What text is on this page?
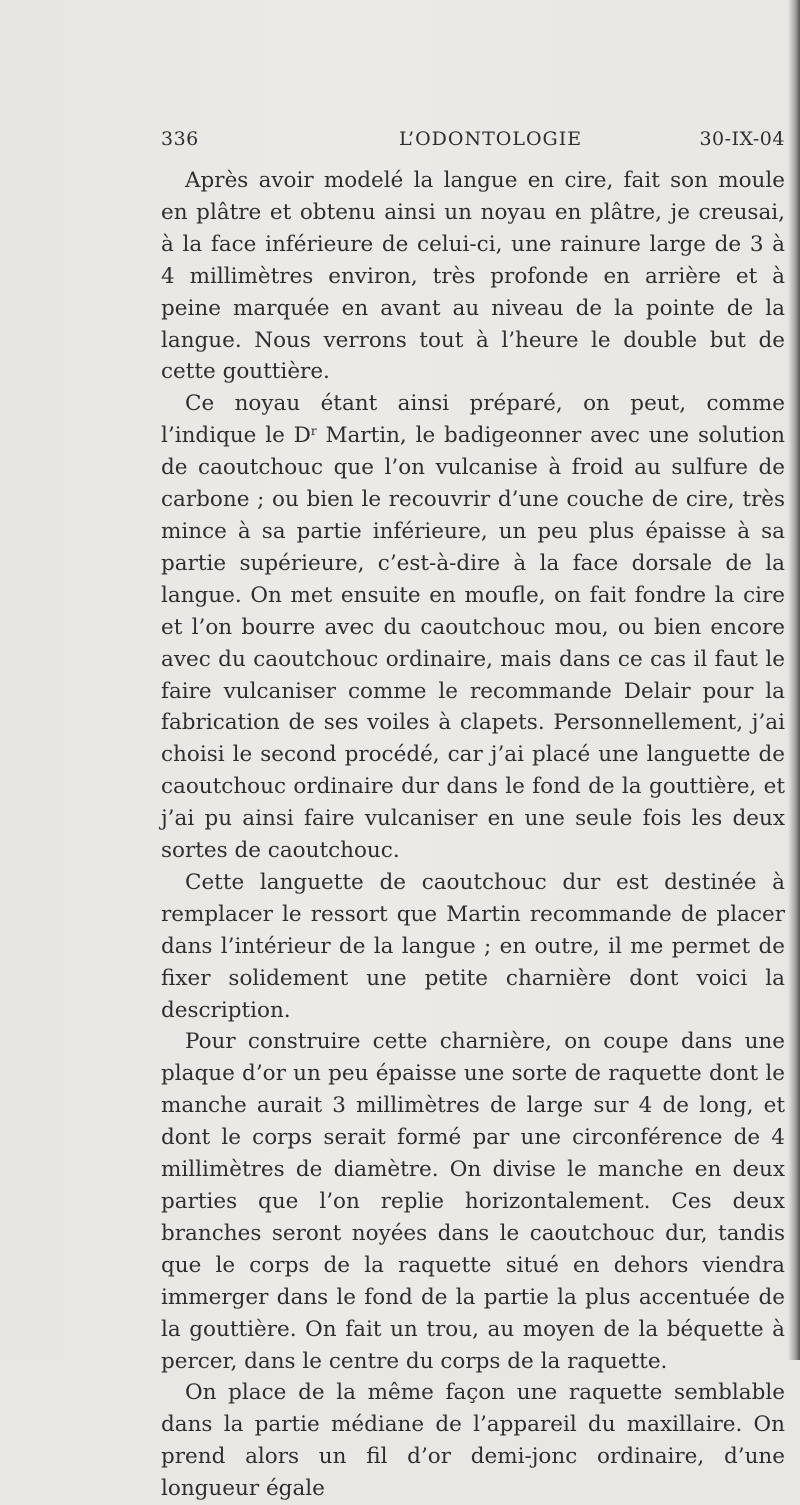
336	L’ODONTOLOGIE	30-IX-04

Après avoir modelé la langue en cire, fait son moule en plâtre et obtenu ainsi un noyau en plâtre, je creusai, à la face inférieure de celui-ci, une rainure large de 3 à 4 millimètres environ, très profonde en arrière et à peine marquée en avant au niveau de la pointe de la langue. Nous verrons tout à l’heure le double but de cette gouttière.

Ce noyau étant ainsi préparé, on peut, comme l’indique le $D^r$ Martin, le badigeonner avec une solution de caoutchouc que l’on vulcanise à froid au sulfure de carbone ; ou bien le recouvrir d’une couche de cire, très mince à sa partie inférieure, un peu plus épaisse à sa partie supérieure, c’est-à-dire à la face dorsale de la langue. On met ensuite en moufle, on fait fondre la cire et l’on bourre avec du caoutchouc mou, ou bien encore avec du caoutchouc ordinaire, mais dans ce cas il faut le faire vulcaniser comme le recommande Delair pour la fabrication de ses voiles à clapets. Personnellement, j’ai choisi le second procédé, car j’ai placé une languette de caoutchouc ordinaire dur dans le fond de la gouttière, et j’ai pu ainsi faire vulcaniser en une seule fois les deux sortes de caoutchouc.

Cette languette de caoutchouc dur est destinée à remplacer le ressort que Martin recommande de placer dans l’intérieur de la langue ; en outre, il me permet de fixer solidement une petite charnière dont voici la description.

Pour construire cette charnière, on coupe dans une plaque d’or un peu épaisse une sorte de raquette dont le manche aurait 3 millimètres de large sur 4 de long, et dont le corps serait formé par une circonférence de 4 millimètres de diamètre. On divise le manche en deux parties que l’on replie horizontalement. Ces deux branches seront noyées dans le caoutchouc dur, tandis que le corps de la raquette situé en dehors viendra immerger dans le fond de la partie la plus accentuée de la gouttière. On fait un trou, au moyen de la béquette à percer, dans le centre du corps de la raquette.

On place de la même façon une raquette semblable dans la partie médiane de l’appareil du maxillaire. On prend alors un fil d’or demi-jonc ordinaire, d’une longueur égale
